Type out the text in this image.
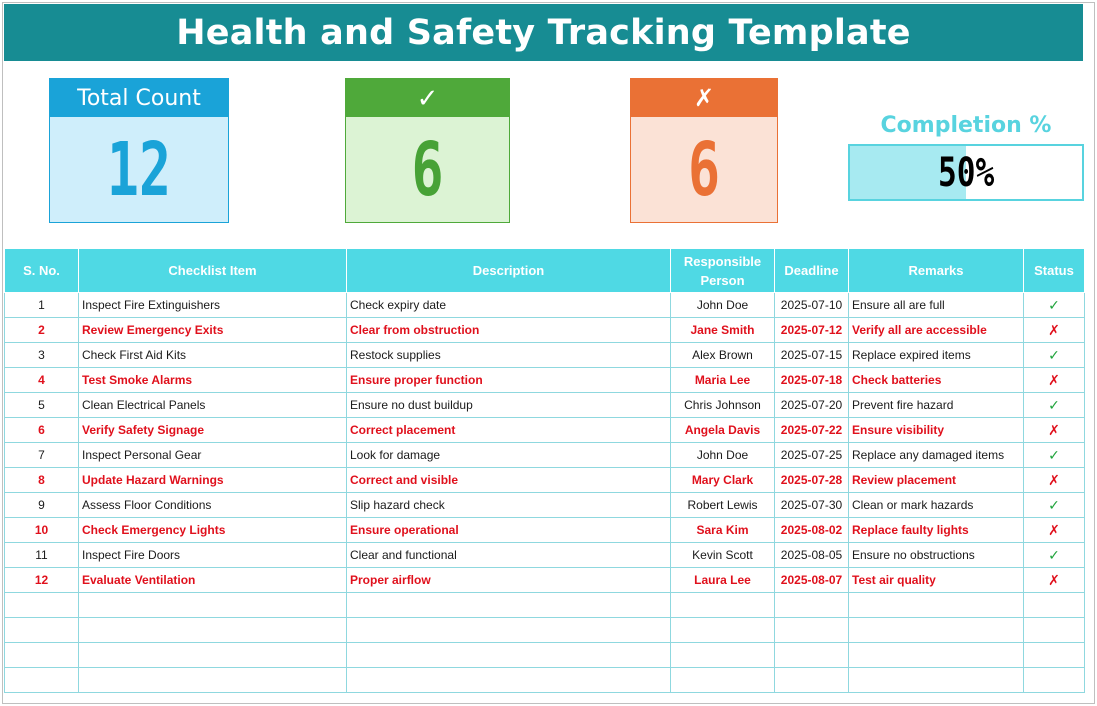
Health and Safety Tracking Template
Total Count
12
✓
6
✗
6
Completion %
50%
S. No.	Checklist Item	Description	Responsible Person	Deadline	Remarks	Status
1	Inspect Fire Extinguishers	Check expiry date	John Doe	2025-07-10	Ensure all are full	✓
2	Review Emergency Exits	Clear from obstruction	Jane Smith	2025-07-12	Verify all are accessible	✗
3	Check First Aid Kits	Restock supplies	Alex Brown	2025-07-15	Replace expired items	✓
4	Test Smoke Alarms	Ensure proper function	Maria Lee	2025-07-18	Check batteries	✗
5	Clean Electrical Panels	Ensure no dust buildup	Chris Johnson	2025-07-20	Prevent fire hazard	✓
6	Verify Safety Signage	Correct placement	Angela Davis	2025-07-22	Ensure visibility	✗
7	Inspect Personal Gear	Look for damage	John Doe	2025-07-25	Replace any damaged items	✓
8	Update Hazard Warnings	Correct and visible	Mary Clark	2025-07-28	Review placement	✗
9	Assess Floor Conditions	Slip hazard check	Robert Lewis	2025-07-30	Clean or mark hazards	✓
10	Check Emergency Lights	Ensure operational	Sara Kim	2025-08-02	Replace faulty lights	✗
11	Inspect Fire Doors	Clear and functional	Kevin Scott	2025-08-05	Ensure no obstructions	✓
12	Evaluate Ventilation	Proper airflow	Laura Lee	2025-08-07	Test air quality	✗
